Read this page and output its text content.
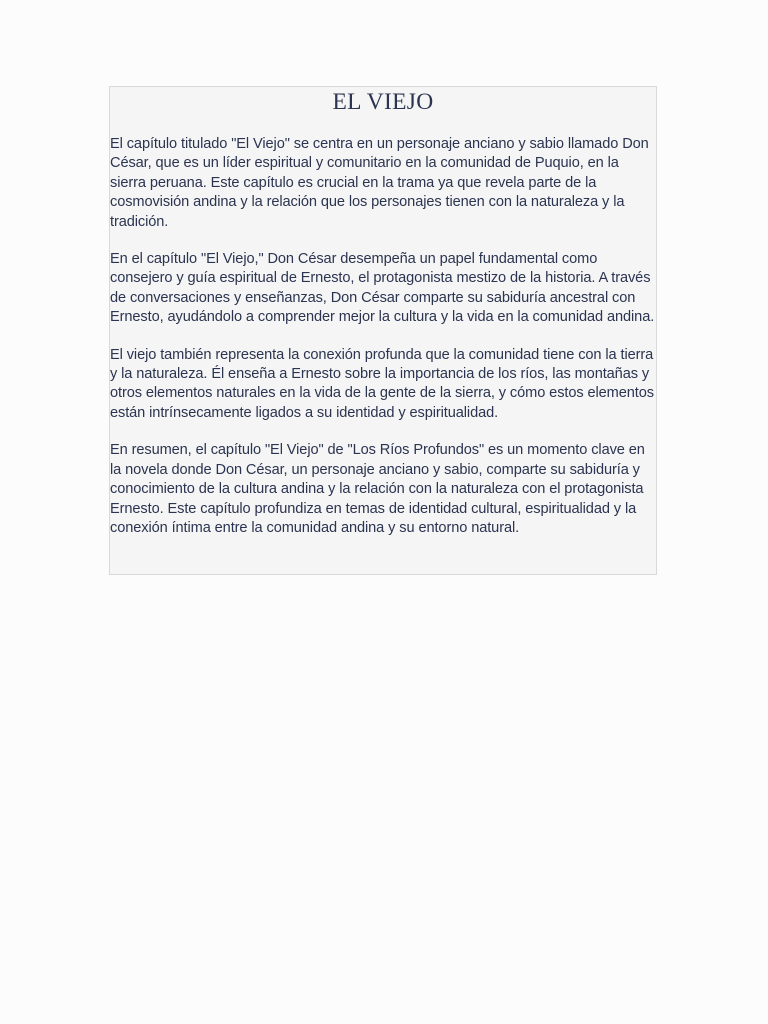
EL VIEJO

El capítulo titulado "El Viejo" se centra en un personaje anciano y sabio llamado Don César, que es un líder espiritual y comunitario en la comunidad de Puquio, en la sierra peruana. Este capítulo es crucial en la trama ya que revela parte de la cosmovisión andina y la relación que los personajes tienen con la naturaleza y la tradición.

En el capítulo "El Viejo," Don César desempeña un papel fundamental como consejero y guía espiritual de Ernesto, el protagonista mestizo de la historia. A través de conversaciones y enseñanzas, Don César comparte su sabiduría ancestral con Ernesto, ayudándolo a comprender mejor la cultura y la vida en la comunidad andina.

El viejo también representa la conexión profunda que la comunidad tiene con la tierra y la naturaleza. Él enseña a Ernesto sobre la importancia de los ríos, las montañas y otros elementos naturales en la vida de la gente de la sierra, y cómo estos elementos están intrínsecamente ligados a su identidad y espiritualidad.

En resumen, el capítulo "El Viejo" de "Los Ríos Profundos" es un momento clave en la novela donde Don César, un personaje anciano y sabio, comparte su sabiduría y conocimiento de la cultura andina y la relación con la naturaleza con el protagonista Ernesto. Este capítulo profundiza en temas de identidad cultural, espiritualidad y la conexión íntima entre la comunidad andina y su entorno natural.
